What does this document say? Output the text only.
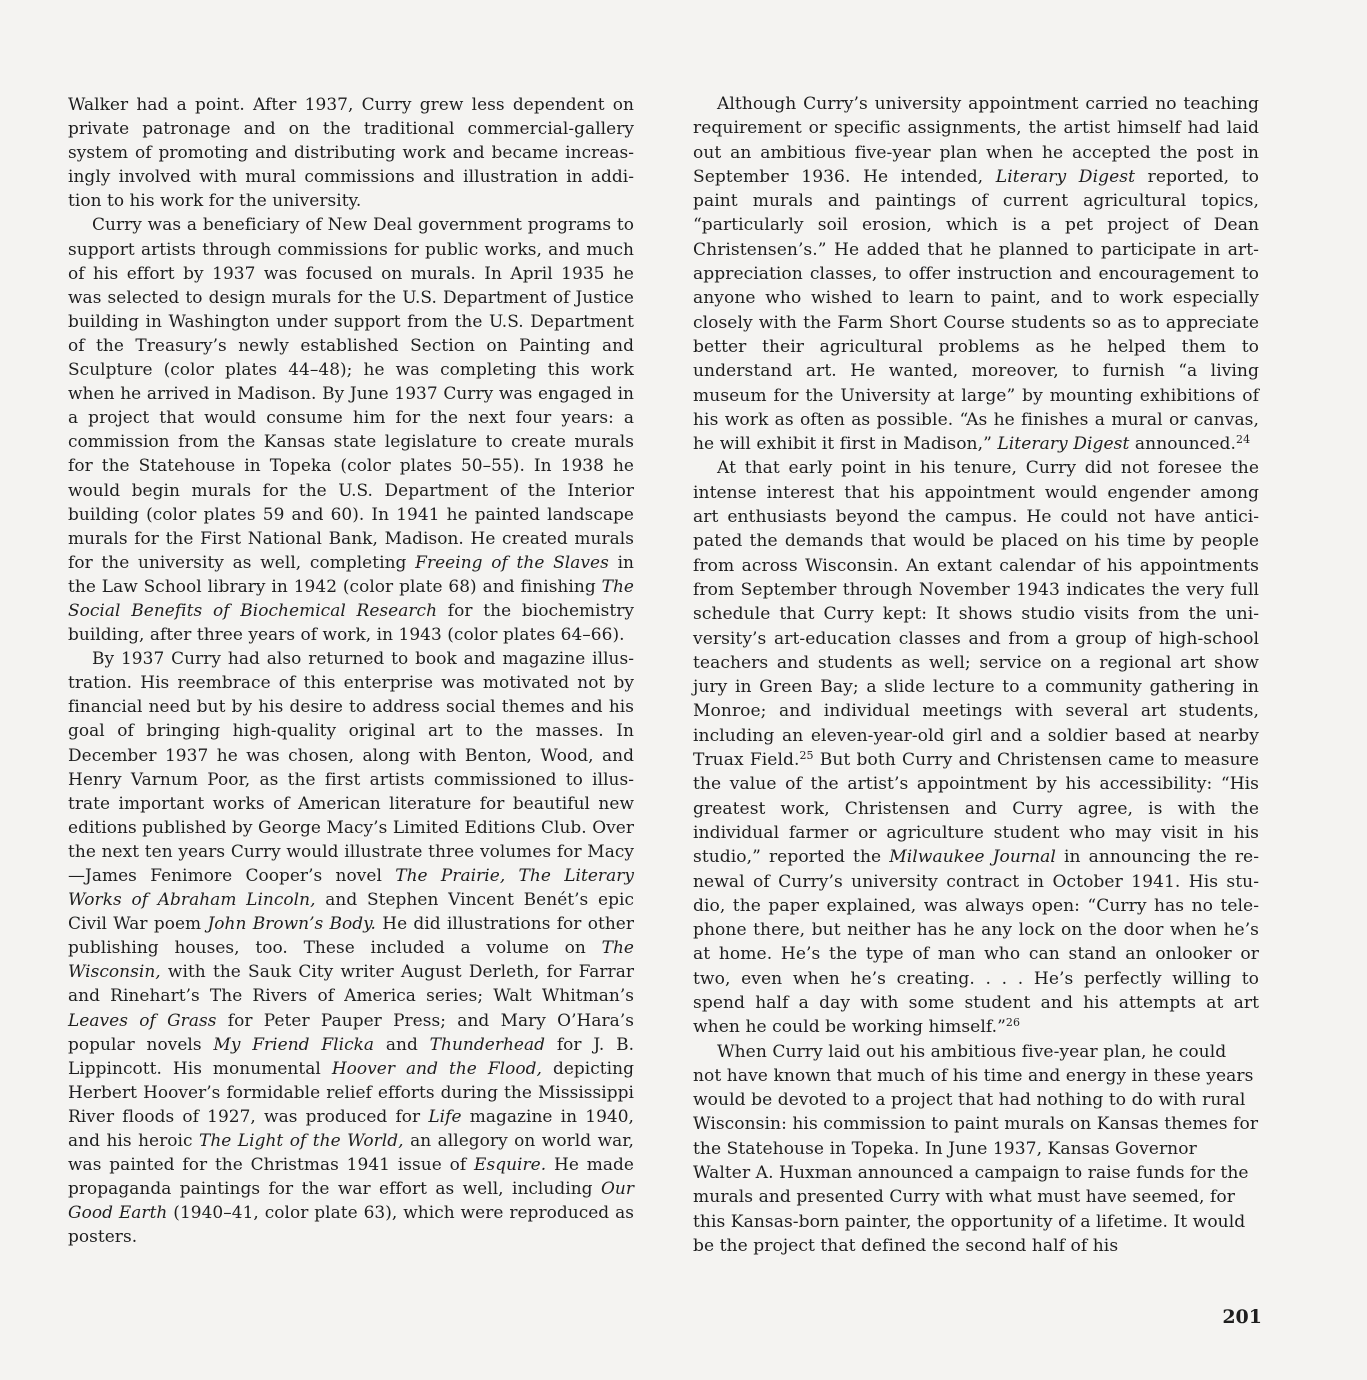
Walker had a point. After 1937, Curry grew less dependent on private patronage and on the traditional commercial-gallery system of promoting and distributing work and became increasingly involved with mural commissions and illustration in addition to his work for the university.

Curry was a beneficiary of New Deal government programs to support artists through commissions for public works, and much of his effort by 1937 was focused on murals. In April 1935 he was selected to design murals for the U.S. Department of Justice building in Washington under support from the U.S. Department of the Treasury’s newly established Section on Painting and Sculpture (color plates 44–48); he was completing this work when he arrived in Madison. By June 1937 Curry was engaged in a project that would consume him for the next four years: a commission from the Kansas state legislature to create murals for the Statehouse in Topeka (color plates 50–55). In 1938 he would begin murals for the U.S. Department of the Interior building (color plates 59 and 60). In 1941 he painted landscape murals for the First National Bank, Madison. He created murals for the university as well, completing Freeing of the Slaves in the Law School library in 1942 (color plate 68) and finishing The Social Benefits of Biochemical Research for the biochemistry building, after three years of work, in 1943 (color plates 64–66).

By 1937 Curry had also returned to book and magazine illustration. His reembrace of this enterprise was motivated not by financial need but by his desire to address social themes and his goal of bringing high-quality original art to the masses. In December 1937 he was chosen, along with Benton, Wood, and Henry Varnum Poor, as the first artists commissioned to illustrate important works of American literature for beautiful new editions published by George Macy’s Limited Editions Club. Over the next ten years Curry would illustrate three volumes for Macy—James Fenimore Cooper’s novel The Prairie, The Literary Works of Abraham Lincoln, and Stephen Vincent Benét’s epic Civil War poem John Brown’s Body. He did illustrations for other publishing houses, too. These included a volume on The Wisconsin, with the Sauk City writer August Derleth, for Farrar and Rinehart’s The Rivers of America series; Walt Whitman’s Leaves of Grass for Peter Pauper Press; and Mary O’Hara’s popular novels My Friend Flicka and Thunderhead for J. B. Lippincott. His monumental Hoover and the Flood, depicting Herbert Hoover’s formidable relief efforts during the Mississippi River floods of 1927, was produced for Life magazine in 1940, and his heroic The Light of the World, an allegory on world war, was painted for the Christmas 1941 issue of Esquire. He made propaganda paintings for the war effort as well, including Our Good Earth (1940–41, color plate 63), which were reproduced as posters.

Although Curry’s university appointment carried no teaching requirement or specific assignments, the artist himself had laid out an ambitious five-year plan when he accepted the post in September 1936. He intended, Literary Digest reported, to paint murals and paintings of current agricultural topics, “particularly soil erosion, which is a pet project of Dean Christensen’s.” He added that he planned to participate in art-appreciation classes, to offer instruction and encouragement to anyone who wished to learn to paint, and to work especially closely with the Farm Short Course students so as to appreciate better their agricultural problems as he helped them to understand art. He wanted, moreover, to furnish “a living museum for the University at large” by mounting exhibitions of his work as often as possible. “As he finishes a mural or canvas, he will exhibit it first in Madison,” Literary Digest announced.$^{24}$

At that early point in his tenure, Curry did not foresee the intense interest that his appointment would engender among art enthusiasts beyond the campus. He could not have anticipated the demands that would be placed on his time by people from across Wisconsin. An extant calendar of his appointments from September through November 1943 indicates the very full schedule that Curry kept: It shows studio visits from the university’s art-education classes and from a group of high-school teachers and students as well; service on a regional art show jury in Green Bay; a slide lecture to a community gathering in Monroe; and individual meetings with several art students, including an eleven-year-old girl and a soldier based at nearby Truax Field.$^{25}$ But both Curry and Christensen came to measure the value of the artist’s appointment by his accessibility: “His greatest work, Christensen and Curry agree, is with the individual farmer or agriculture student who may visit in his studio,” reported the Milwaukee Journal in announcing the renewal of Curry’s university contract in October 1941. His studio, the paper explained, was always open: “Curry has no telephone there, but neither has he any lock on the door when he’s at home. He’s the type of man who can stand an onlooker or two, even when he’s creating. . . . He’s perfectly willing to spend half a day with some student and his attempts at art when he could be working himself.”$^{26}$

When Curry laid out his ambitious five-year plan, he could not have known that much of his time and energy in these years would be devoted to a project that had nothing to do with rural Wisconsin: his commission to paint murals on Kansas themes for the Statehouse in Topeka. In June 1937, Kansas Governor Walter A. Huxman announced a campaign to raise funds for the murals and presented Curry with what must have seemed, for this Kansas-born painter, the opportunity of a lifetime. It would be the project that defined the second half of his

201
